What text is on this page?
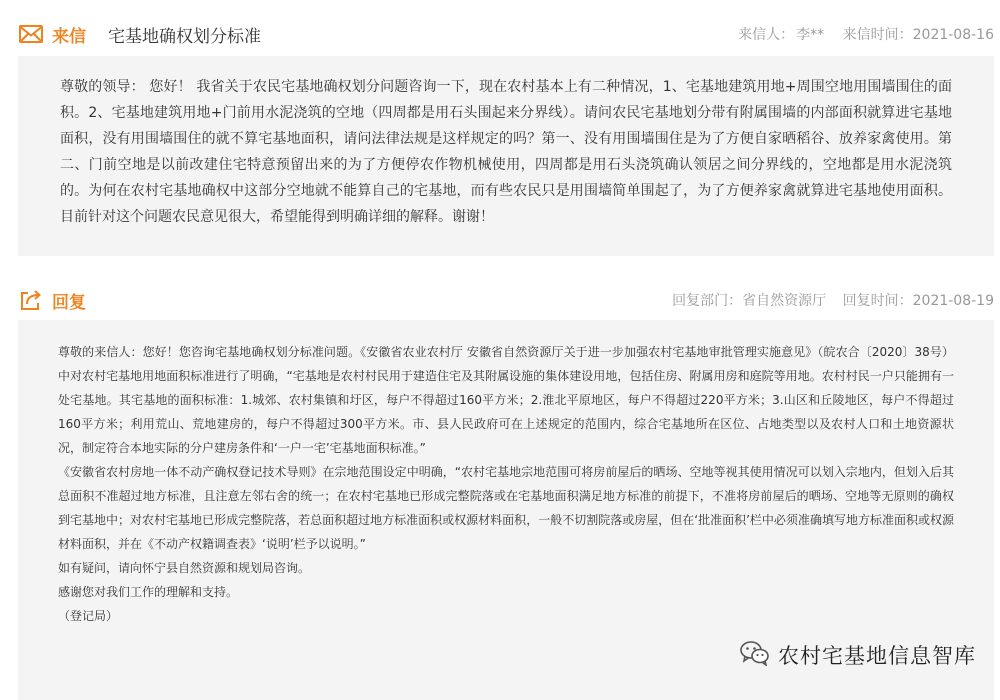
来信 宅基地确权划分标准	来信人： 李** 来信时间：2021-08-16

尊敬的领导： 您好！ 我省关于农民宅基地确权划分问题咨询一下，现在农村基本上有二种情况，1、宅基地建筑用地+周围空地用围墙围住的面积。2、宅基地建筑用地+门前用水泥浇筑的空地（四周都是用石头围起来分界线）。请问农民宅基地划分带有附属围墙的内部面积就算进宅基地面积，没有用围墙围住的就不算宅基地面积，请问法律法规是这样规定的吗？第一、没有用围墙围住是为了方便自家晒稻谷、放养家禽使用。第二、门前空地是以前改建住宅特意预留出来的为了方便停农作物机械使用，四周都是用石头浇筑确认领居之间分界线的，空地都是用水泥浇筑的。为何在农村宅基地确权中这部分空地就不能算自己的宅基地，而有些农民只是用围墙简单围起了，为了方便养家禽就算进宅基地使用面积。目前针对这个问题农民意见很大，希望能得到明确详细的解释。谢谢！

回复	回复部门：省自然资源厅 回复时间：2021-08-19

尊敬的来信人：您好！您咨询宅基地确权划分标准问题。《安徽省农业农村厅 安徽省自然资源厅关于进一步加强农村宅基地审批管理实施意见》（皖农合〔2020〕38号）中对农村宅基地用地面积标准进行了明确，“宅基地是农村村民用于建造住宅及其附属设施的集体建设用地，包括住房、附属用房和庭院等用地。农村村民一户只能拥有一处宅基地。其宅基地的面积标准：1.城郊、农村集镇和圩区，每户不得超过160平方米；2.淮北平原地区，每户不得超过220平方米；3.山区和丘陵地区，每户不得超过160平方米；利用荒山、荒地建房的，每户不得超过300平方米。市、县人民政府可在上述规定的范围内，综合宅基地所在区位、占地类型以及农村人口和土地资源状况，制定符合本地实际的分户建房条件和‘一户一宅’宅基地面积标准。”

《安徽省农村房地一体不动产确权登记技术导则》在宗地范围设定中明确，“农村宅基地宗地范围可将房前屋后的晒场、空地等视其使用情况可以划入宗地内，但划入后其总面积不准超过地方标准，且注意左邻右舍的统一；在农村宅基地已形成完整院落或在宅基地面积满足地方标准的前提下，不准将房前屋后的晒场、空地等无原则的确权到宅基地中；对农村宅基地已形成完整院落，若总面积超过地方标准面积或权源材料面积，一般不切割院落或房屋，但在‘批准面积’栏中必须准确填写地方标准面积或权源材料面积，并在《不动产权籍调查表》‘说明’栏予以说明。”

如有疑问，请向怀宁县自然资源和规划局咨询。

感谢您对我们工作的理解和支持。

（登记局）

农村宅基地信息智库
